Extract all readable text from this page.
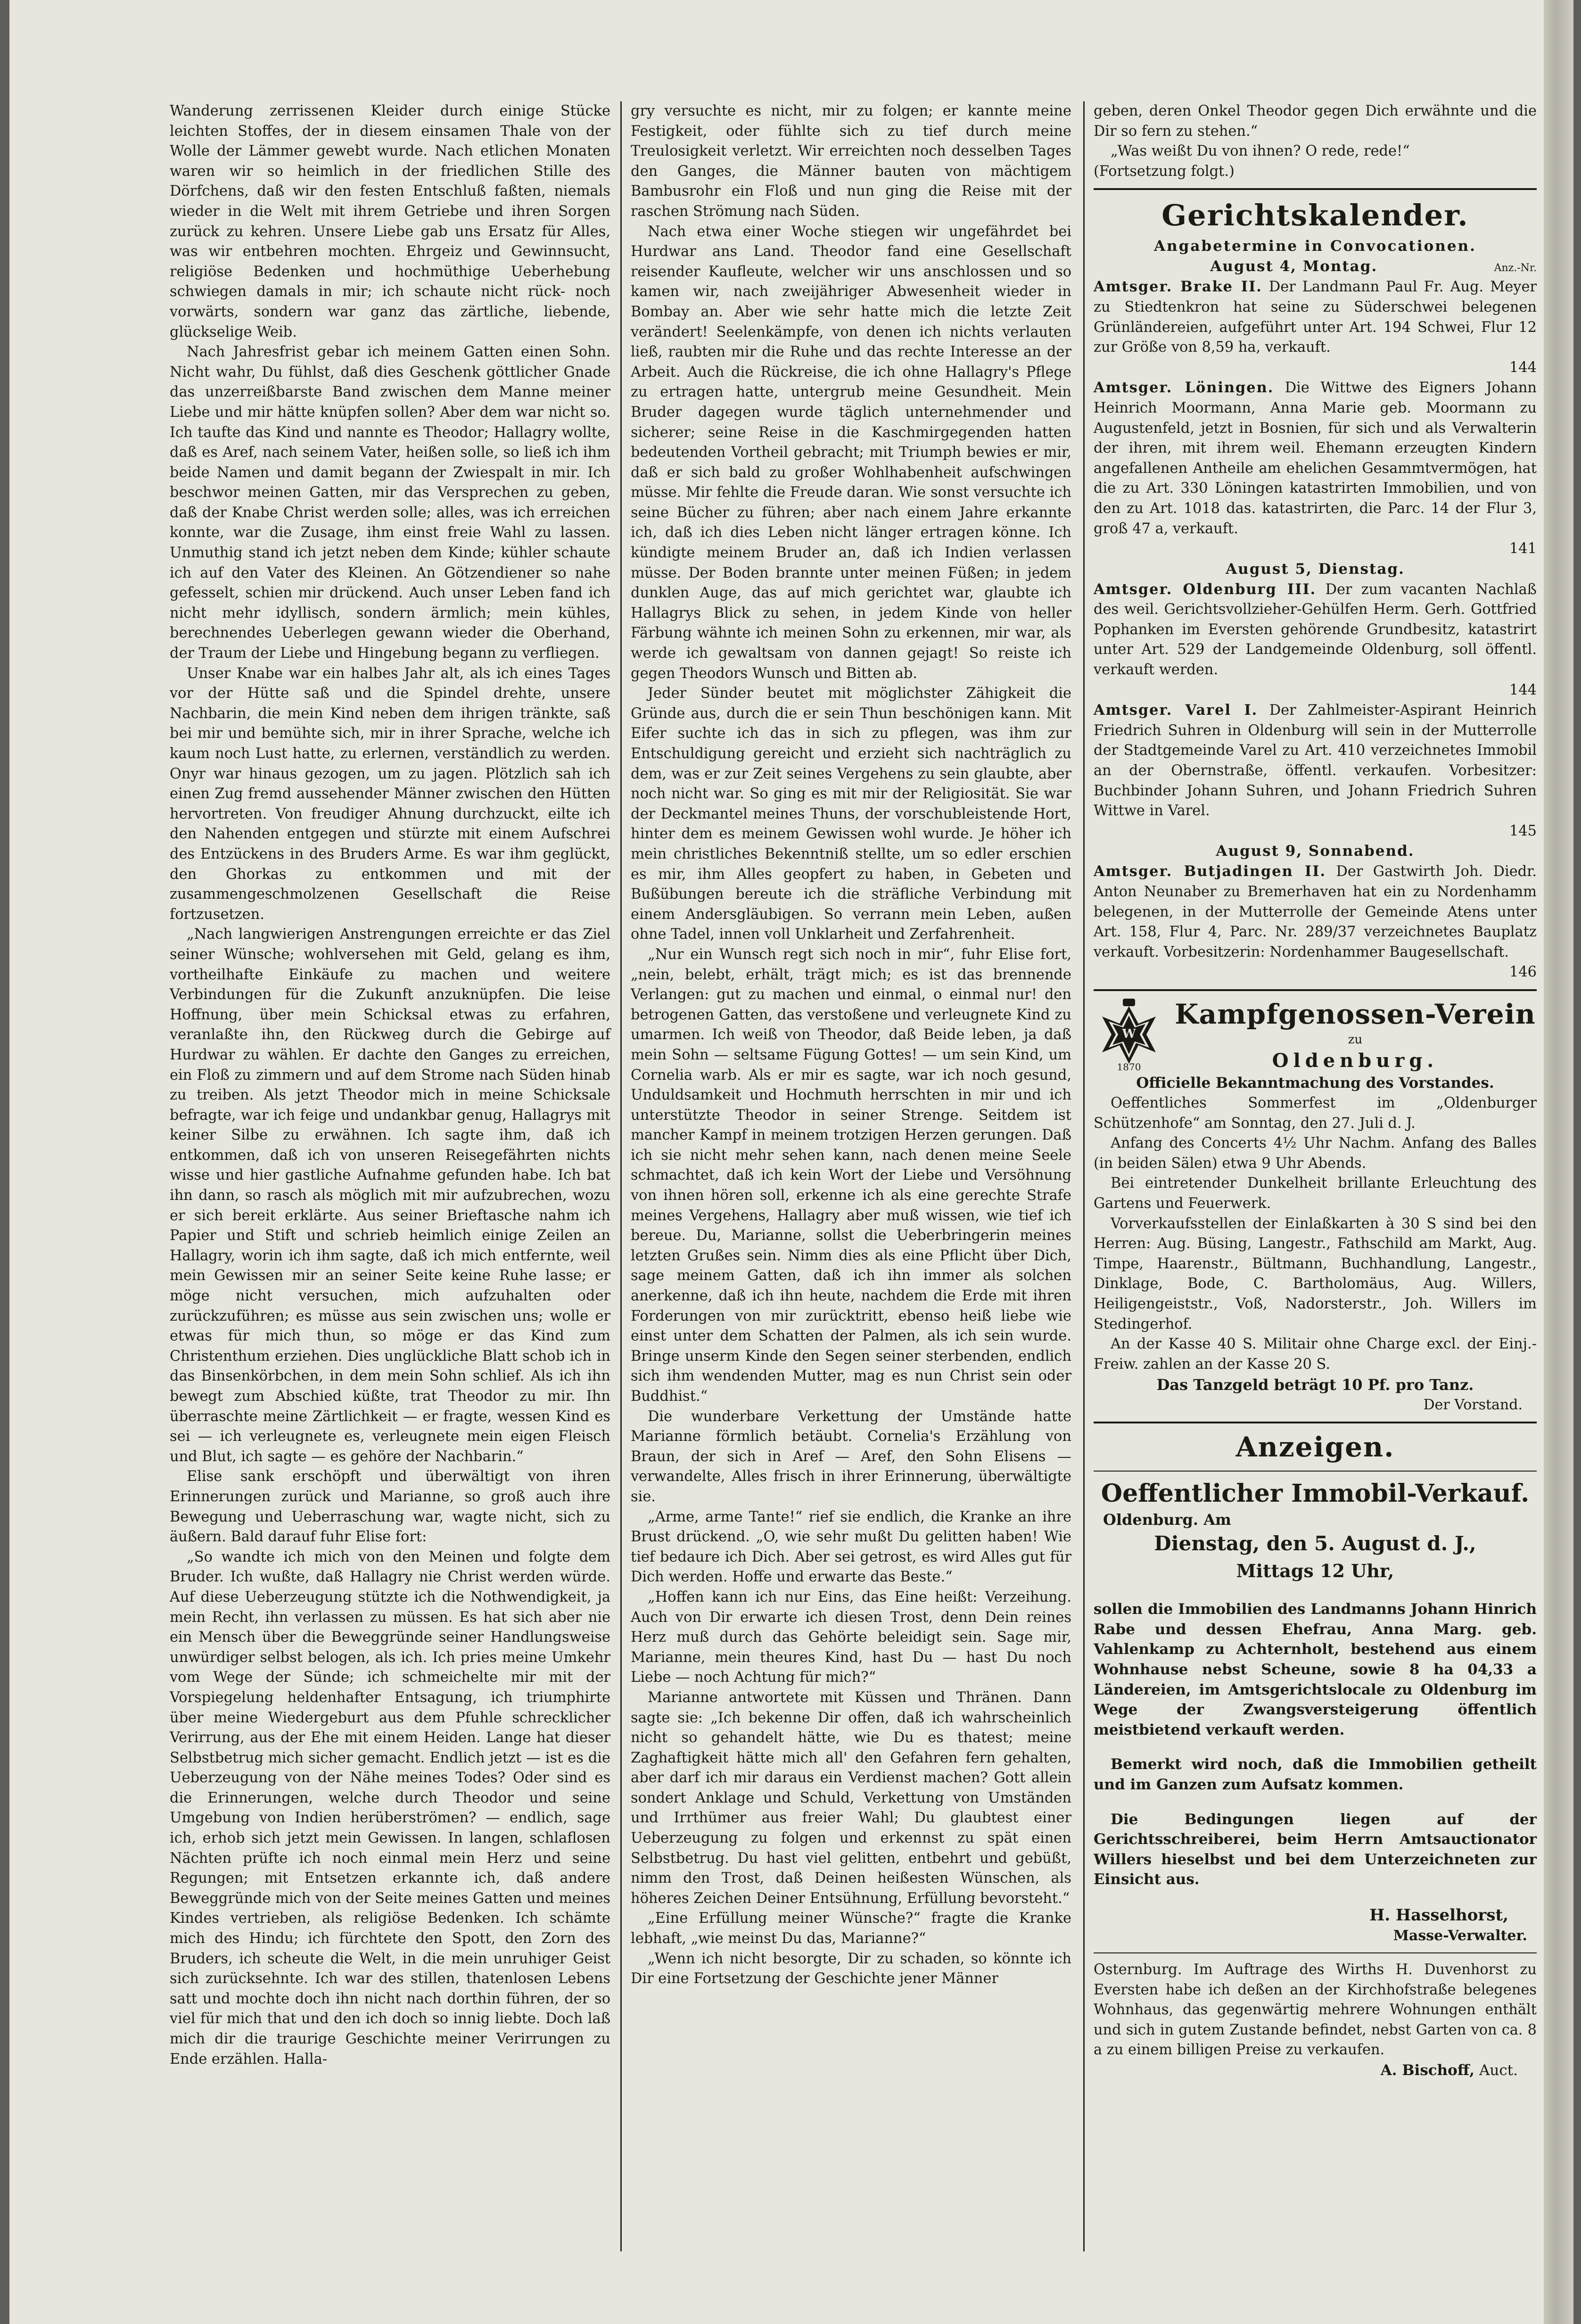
Wanderung zerrissenen Kleider durch einige Stücke leichten Stoffes, der in diesem einsamen Thale von der Wolle der Lämmer gewebt wurde. Nach etlichen Monaten waren wir so heimlich in der friedlichen Stille des Dörfchens, daß wir den festen Entschluß faßten, niemals wieder in die Welt mit ihrem Getriebe und ihren Sorgen zurück zu kehren. Unsere Liebe gab uns Ersatz für Alles, was wir entbehren mochten. Ehrgeiz und Gewinnsucht, religiöse Bedenken und hochmüthige Ueberhebung schwiegen damals in mir; ich schaute nicht rück- noch vorwärts, sondern war ganz das zärtliche, liebende, glückselige Weib.

Nach Jahresfrist gebar ich meinem Gatten einen Sohn. Nicht wahr, Du fühlst, daß dies Geschenk göttlicher Gnade das unzerreißbarste Band zwischen dem Manne meiner Liebe und mir hätte knüpfen sollen? Aber dem war nicht so. Ich taufte das Kind und nannte es Theodor; Hallagry wollte, daß es Aref, nach seinem Vater, heißen solle, so ließ ich ihm beide Namen und damit begann der Zwiespalt in mir. Ich beschwor meinen Gatten, mir das Versprechen zu geben, daß der Knabe Christ werden solle; alles, was ich erreichen konnte, war die Zusage, ihm einst freie Wahl zu lassen. Unmuthig stand ich jetzt neben dem Kinde; kühler schaute ich auf den Vater des Kleinen. An Götzendiener so nahe gefesselt, schien mir drückend. Auch unser Leben fand ich nicht mehr idyllisch, sondern ärmlich; mein kühles, berechnendes Ueberlegen gewann wieder die Oberhand, der Traum der Liebe und Hingebung begann zu verfliegen.

Unser Knabe war ein halbes Jahr alt, als ich eines Tages vor der Hütte saß und die Spindel drehte, unsere Nachbarin, die mein Kind neben dem ihrigen tränkte, saß bei mir und bemühte sich, mir in ihrer Sprache, welche ich kaum noch Lust hatte, zu erlernen, verständlich zu werden. Onyr war hinaus gezogen, um zu jagen. Plötzlich sah ich einen Zug fremd aussehender Männer zwischen den Hütten hervortreten. Von freudiger Ahnung durchzuckt, eilte ich den Nahenden entgegen und stürzte mit einem Aufschrei des Entzückens in des Bruders Arme. Es war ihm geglückt, den Ghorkas zu entkommen und mit der zusammengeschmolzenen Gesellschaft die Reise fortzusetzen.

„Nach langwierigen Anstrengungen erreichte er das Ziel seiner Wünsche; wohlversehen mit Geld, gelang es ihm, vortheilhafte Einkäufe zu machen und weitere Verbindungen für die Zukunft anzuknüpfen. Die leise Hoffnung, über mein Schicksal etwas zu erfahren, veranlaßte ihn, den Rückweg durch die Gebirge auf Hurdwar zu wählen. Er dachte den Ganges zu erreichen, ein Floß zu zimmern und auf dem Strome nach Süden hinab zu treiben. Als jetzt Theodor mich in meine Schicksale befragte, war ich feige und undankbar genug, Hallagrys mit keiner Silbe zu erwähnen. Ich sagte ihm, daß ich entkommen, daß ich von unseren Reisegefährten nichts wisse und hier gastliche Aufnahme gefunden habe. Ich bat ihn dann, so rasch als möglich mit mir aufzubrechen, wozu er sich bereit erklärte. Aus seiner Brieftasche nahm ich Papier und Stift und schrieb heimlich einige Zeilen an Hallagry, worin ich ihm sagte, daß ich mich entfernte, weil mein Gewissen mir an seiner Seite keine Ruhe lasse; er möge nicht versuchen, mich aufzuhalten oder zurückzuführen; es müsse aus sein zwischen uns; wolle er etwas für mich thun, so möge er das Kind zum Christenthum erziehen. Dies unglückliche Blatt schob ich in das Binsenkörbchen, in dem mein Sohn schlief. Als ich ihn bewegt zum Abschied küßte, trat Theodor zu mir. Ihn überraschte meine Zärtlichkeit — er fragte, wessen Kind es sei — ich verleugnete es, verleugnete mein eigen Fleisch und Blut, ich sagte — es gehöre der Nachbarin.“

Elise sank erschöpft und überwältigt von ihren Erinnerungen zurück und Marianne, so groß auch ihre Bewegung und Ueberraschung war, wagte nicht, sich zu äußern. Bald darauf fuhr Elise fort:

„So wandte ich mich von den Meinen und folgte dem Bruder. Ich wußte, daß Hallagry nie Christ werden würde. Auf diese Ueberzeugung stützte ich die Nothwendigkeit, ja mein Recht, ihn verlassen zu müssen. Es hat sich aber nie ein Mensch über die Beweggründe seiner Handlungsweise unwürdiger selbst belogen, als ich. Ich pries meine Umkehr vom Wege der Sünde; ich schmeichelte mir mit der Vorspiegelung heldenhafter Entsagung, ich triumphirte über meine Wiedergeburt aus dem Pfuhle schrecklicher Verirrung, aus der Ehe mit einem Heiden. Lange hat dieser Selbstbetrug mich sicher gemacht. Endlich jetzt — ist es die Ueberzeugung von der Nähe meines Todes? Oder sind es die Erinnerungen, welche durch Theodor und seine Umgebung von Indien herüberströmen? — endlich, sage ich, erhob sich jetzt mein Gewissen. In langen, schlaflosen Nächten prüfte ich noch einmal mein Herz und seine Regungen; mit Entsetzen erkannte ich, daß andere Beweggründe mich von der Seite meines Gatten und meines Kindes vertrieben, als religiöse Bedenken. Ich schämte mich des Hindu; ich fürchtete den Spott, den Zorn des Bruders, ich scheute die Welt, in die mein unruhiger Geist sich zurücksehnte. Ich war des stillen, thatenlosen Lebens satt und mochte doch ihn nicht nach dorthin führen, der so viel für mich that und den ich doch so innig liebte. Doch laß mich dir die traurige Geschichte meiner Verirrungen zu Ende erzählen. Halla-

gry versuchte es nicht, mir zu folgen; er kannte meine Festigkeit, oder fühlte sich zu tief durch meine Treulosigkeit verletzt. Wir erreichten noch desselben Tages den Ganges, die Männer bauten von mächtigem Bambusrohr ein Floß und nun ging die Reise mit der raschen Strömung nach Süden.

Nach etwa einer Woche stiegen wir ungefährdet bei Hurdwar ans Land. Theodor fand eine Gesellschaft reisender Kaufleute, welcher wir uns anschlossen und so kamen wir, nach zweijähriger Abwesenheit wieder in Bombay an. Aber wie sehr hatte mich die letzte Zeit verändert! Seelenkämpfe, von denen ich nichts verlauten ließ, raubten mir die Ruhe und das rechte Interesse an der Arbeit. Auch die Rückreise, die ich ohne Hallagry's Pflege zu ertragen hatte, untergrub meine Gesundheit. Mein Bruder dagegen wurde täglich unternehmender und sicherer; seine Reise in die Kaschmirgegenden hatten bedeutenden Vortheil gebracht; mit Triumph bewies er mir, daß er sich bald zu großer Wohlhabenheit aufschwingen müsse. Mir fehlte die Freude daran. Wie sonst versuchte ich seine Bücher zu führen; aber nach einem Jahre erkannte ich, daß ich dies Leben nicht länger ertragen könne. Ich kündigte meinem Bruder an, daß ich Indien verlassen müsse. Der Boden brannte unter meinen Füßen; in jedem dunklen Auge, das auf mich gerichtet war, glaubte ich Hallagrys Blick zu sehen, in jedem Kinde von heller Färbung wähnte ich meinen Sohn zu erkennen, mir war, als werde ich gewaltsam von dannen gejagt! So reiste ich gegen Theodors Wunsch und Bitten ab.

Jeder Sünder beutet mit möglichster Zähigkeit die Gründe aus, durch die er sein Thun beschönigen kann. Mit Eifer suchte ich das in sich zu pflegen, was ihm zur Entschuldigung gereicht und erzieht sich nachträglich zu dem, was er zur Zeit seines Vergehens zu sein glaubte, aber noch nicht war. So ging es mit mir der Religiosität. Sie war der Deckmantel meines Thuns, der vorschubleistende Hort, hinter dem es meinem Gewissen wohl wurde. Je höher ich mein christliches Bekenntniß stellte, um so edler erschien es mir, ihm Alles geopfert zu haben, in Gebeten und Bußübungen bereute ich die sträfliche Verbindung mit einem Andersgläubigen. So verrann mein Leben, außen ohne Tadel, innen voll Unklarheit und Zerfahrenheit.

„Nur ein Wunsch regt sich noch in mir“, fuhr Elise fort, „nein, belebt, erhält, trägt mich; es ist das brennende Verlangen: gut zu machen und einmal, o einmal nur! den betrogenen Gatten, das verstoßene und verleugnete Kind zu umarmen. Ich weiß von Theodor, daß Beide leben, ja daß mein Sohn — seltsame Fügung Gottes! — um sein Kind, um Cornelia warb. Als er mir es sagte, war ich noch gesund, Unduldsamkeit und Hochmuth herrschten in mir und ich unterstützte Theodor in seiner Strenge. Seitdem ist mancher Kampf in meinem trotzigen Herzen gerungen. Daß ich sie nicht mehr sehen kann, nach denen meine Seele schmachtet, daß ich kein Wort der Liebe und Versöhnung von ihnen hören soll, erkenne ich als eine gerechte Strafe meines Vergehens, Hallagry aber muß wissen, wie tief ich bereue. Du, Marianne, sollst die Ueberbringerin meines letzten Grußes sein. Nimm dies als eine Pflicht über Dich, sage meinem Gatten, daß ich ihn immer als solchen anerkenne, daß ich ihn heute, nachdem die Erde mit ihren Forderungen von mir zurücktritt, ebenso heiß liebe wie einst unter dem Schatten der Palmen, als ich sein wurde. Bringe unserm Kinde den Segen seiner sterbenden, endlich sich ihm wendenden Mutter, mag es nun Christ sein oder Buddhist.“

Die wunderbare Verkettung der Umstände hatte Marianne förmlich betäubt. Cornelia's Erzählung von Braun, der sich in Aref — Aref, den Sohn Elisens — verwandelte, Alles frisch in ihrer Erinnerung, überwältigte sie.

„Arme, arme Tante!“ rief sie endlich, die Kranke an ihre Brust drückend. „O, wie sehr mußt Du gelitten haben! Wie tief bedaure ich Dich. Aber sei getrost, es wird Alles gut für Dich werden. Hoffe und erwarte das Beste.“

„Hoffen kann ich nur Eins, das Eine heißt: Verzeihung. Auch von Dir erwarte ich diesen Trost, denn Dein reines Herz muß durch das Gehörte beleidigt sein. Sage mir, Marianne, mein theures Kind, hast Du — hast Du noch Liebe — noch Achtung für mich?“

Marianne antwortete mit Küssen und Thränen. Dann sagte sie: „Ich bekenne Dir offen, daß ich wahrscheinlich nicht so gehandelt hätte, wie Du es thatest; meine Zaghaftigkeit hätte mich all' den Gefahren fern gehalten, aber darf ich mir daraus ein Verdienst machen? Gott allein sondert Anklage und Schuld, Verkettung von Umständen und Irrthümer aus freier Wahl; Du glaubtest einer Ueberzeugung zu folgen und erkennst zu spät einen Selbstbetrug. Du hast viel gelitten, entbehrt und gebüßt, nimm den Trost, daß Deinen heißesten Wünschen, als höheres Zeichen Deiner Entsühnung, Erfüllung bevorsteht.“

„Eine Erfüllung meiner Wünsche?“ fragte die Kranke lebhaft, „wie meinst Du das, Marianne?“

„Wenn ich nicht besorgte, Dir zu schaden, so könnte ich Dir eine Fortsetzung der Geschichte jener Männer

geben, deren Onkel Theodor gegen Dich erwähnte und die Dir so fern zu stehen.“

„Was weißt Du von ihnen? O rede, rede!“

(Fortsetzung folgt.)

Gerichtskalender.
Angabetermine in Convocationen.
August 4, Montag.	Anz.-Nr.

Amtsger. Brake II. Der Landmann Paul Fr. Aug. Meyer zu Stiedtenkron hat seine zu Süderschwei belegenen Grünländereien, aufgeführt unter Art. 194 Schwei, Flur 12 zur Größe von 8,59 ha, verkauft.
144

Amtsger. Löningen. Die Wittwe des Eigners Johann Heinrich Moormann, Anna Marie geb. Moormann zu Augustenfeld, jetzt in Bosnien, für sich und als Verwalterin der ihren, mit ihrem weil. Ehemann erzeugten Kindern angefallenen Antheile am ehelichen Gesammtvermögen, hat die zu Art. 330 Löningen katastrirten Immobilien, und von den zu Art. 1018 das. katastrirten, die Parc. 14 der Flur 3, groß 47 a, verkauft.
141

August 5, Dienstag.

Amtsger. Oldenburg III. Der zum vacanten Nachlaß des weil. Gerichtsvollzieher-Gehülfen Herm. Gerh. Gottfried Pophanken im Eversten gehörende Grundbesitz, katastrirt unter Art. 529 der Landgemeinde Oldenburg, soll öffentl. verkauft werden.
144

Amtsger. Varel I. Der Zahlmeister-Aspirant Heinrich Friedrich Suhren in Oldenburg will sein in der Mutterrolle der Stadtgemeinde Varel zu Art. 410 verzeichnetes Immobil an der Obernstraße, öffentl. verkaufen. Vorbesitzer: Buchbinder Johann Suhren, und Johann Friedrich Suhren Wittwe in Varel.
145

August 9, Sonnabend.

Amtsger. Butjadingen II. Der Gastwirth Joh. Diedr. Anton Neunaber zu Bremerhaven hat ein zu Nordenhamm belegenen, in der Mutterrolle der Gemeinde Atens unter Art. 158, Flur 4, Parc. Nr. 289/37 verzeichnetes Bauplatz verkauft. Vorbesitzerin: Nordenhammer Baugesellschaft.
146

W
1870
Kampfgenossen-Verein
zu
Oldenburg.
Officielle Bekanntmachung des Vorstandes.

Oeffentliches Sommerfest im „Oldenburger Schützenhofe“ am Sonntag, den 27. Juli d. J.

Anfang des Concerts 4½ Uhr Nachm. Anfang des Balles (in beiden Sälen) etwa 9 Uhr Abends.

Bei eintretender Dunkelheit brillante Erleuchtung des Gartens und Feuerwerk.

Vorverkaufsstellen der Einlaßkarten à 30 S sind bei den Herren: Aug. Büsing, Langestr., Fathschild am Markt, Aug. Timpe, Haarenstr., Bültmann, Buchhandlung, Langestr., Dinklage, Bode, C. Bartholomäus, Aug. Willers, Heiligengeiststr., Voß, Nadorsterstr., Joh. Willers im Stedingerhof.

An der Kasse 40 S. Militair ohne Charge excl. der Einj.-Freiw. zahlen an der Kasse 20 S.

Das Tanzgeld beträgt 10 Pf. pro Tanz.
Der Vorstand.
Anzeigen.
Oeffentlicher Immobil-Verkauf.
Oldenburg. Am
Dienstag, den 5. August d. J.,
Mittags 12 Uhr,

sollen die Immobilien des Landmanns Johann Hinrich Rabe und dessen Ehefrau, Anna Marg. geb. Vahlenkamp zu Achternholt, bestehend aus einem Wohnhause nebst Scheune, sowie 8 ha 04,33 a Ländereien, im Amtsgerichtslocale zu Oldenburg im Wege der Zwangsversteigerung öffentlich meistbietend verkauft werden.

Bemerkt wird noch, daß die Immobilien getheilt und im Ganzen zum Aufsatz kommen.

Die Bedingungen liegen auf der Gerichtsschreiberei, beim Herrn Amtsauctionator Willers hieselbst und bei dem Unterzeichneten zur Einsicht aus.

H. Hasselhorst,
Masse-Verwalter.

Osternburg. Im Auftrage des Wirths H. Duvenhorst zu Eversten habe ich deßen an der Kirchhofstraße belegenes Wohnhaus, das gegenwärtig mehrere Wohnungen enthält und sich in gutem Zustande befindet, nebst Garten von ca. 8 a zu einem billigen Preise zu verkaufen.

A. Bischoff, Auct.
